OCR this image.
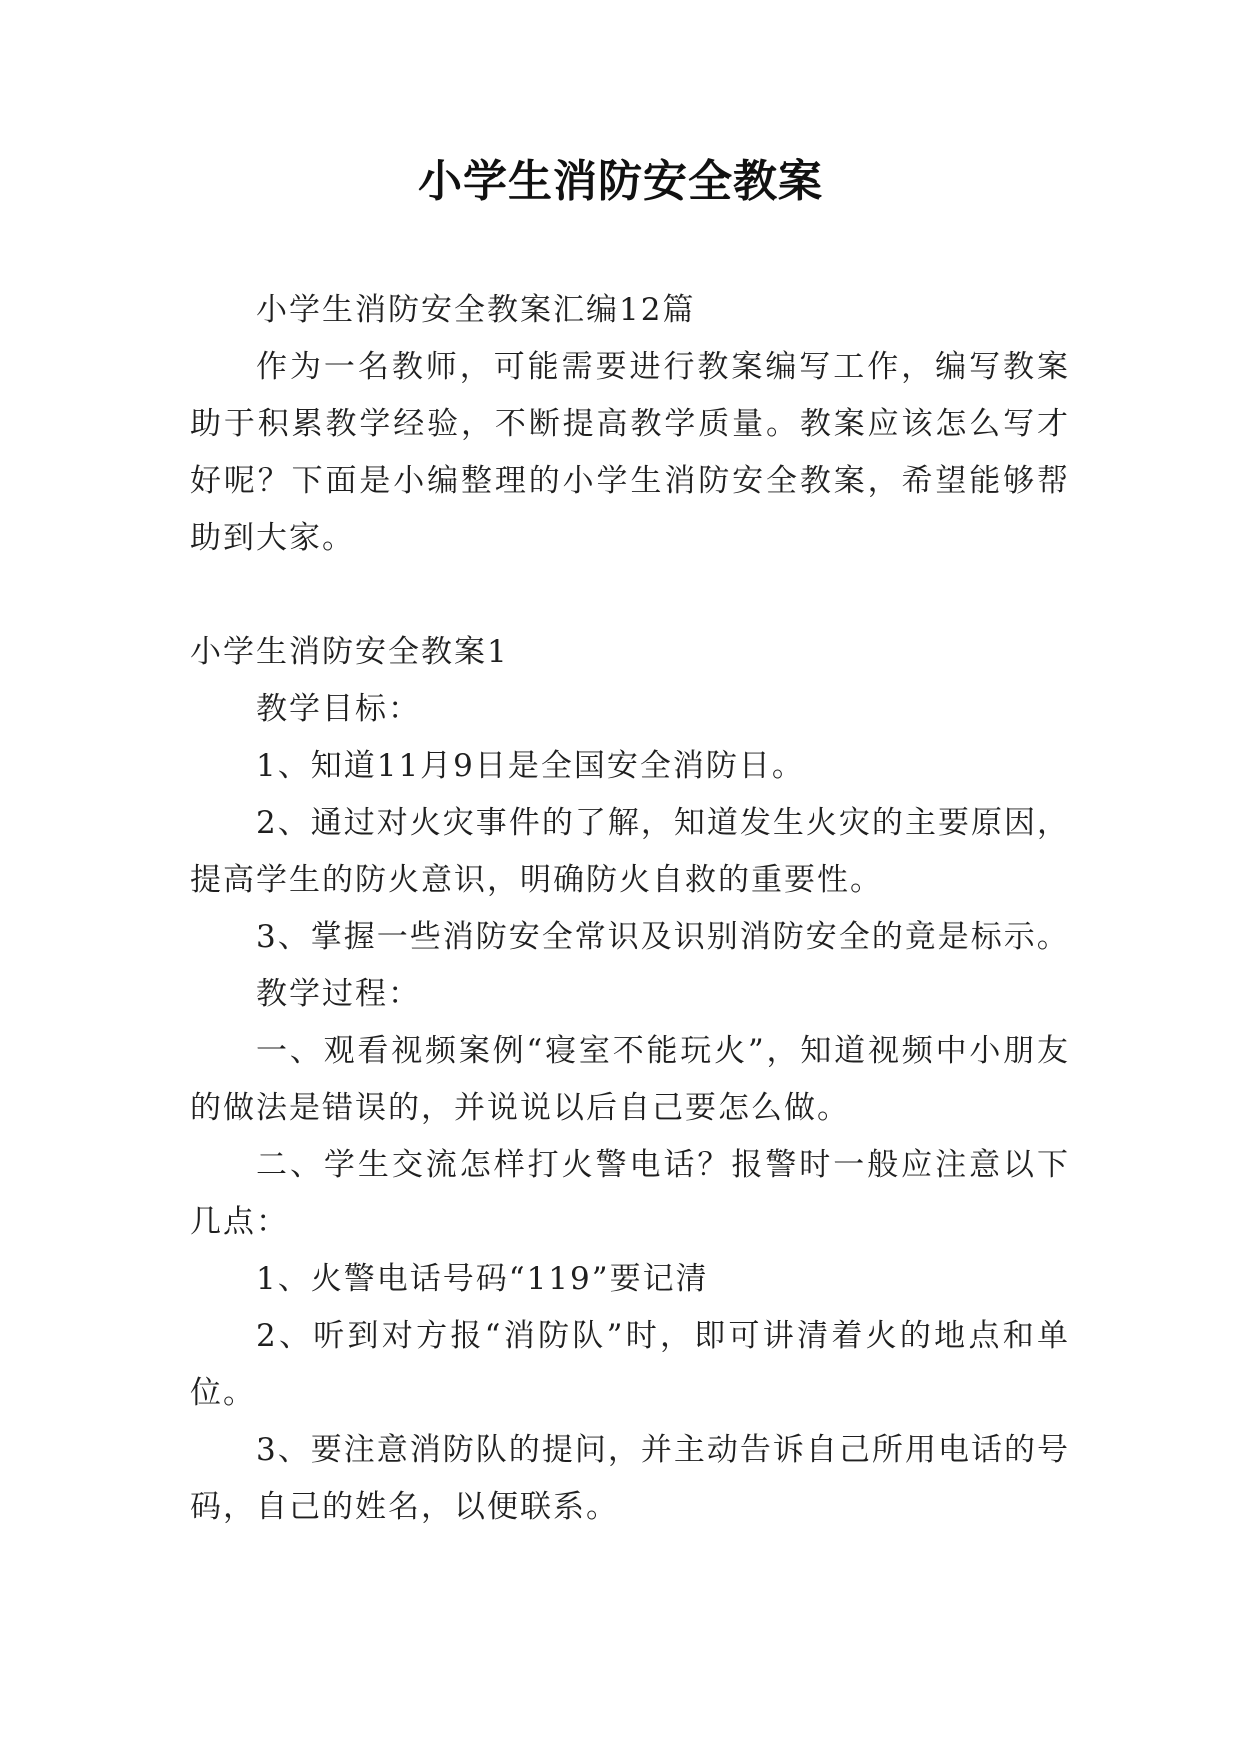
小学生消防安全教案

小学生消防安全教案汇编12篇

作为一名教师，可能需要进行教案编写工作，编写教案助于积累教学经验，不断提高教学质量。教案应该怎么写才好呢？下面是小编整理的小学生消防安全教案，希望能够帮助到大家。

小学生消防安全教案1

教学目标：

1、知道11月9日是全国安全消防日。

2、通过对火灾事件的了解，知道发生火灾的主要原因，提高学生的防火意识，明确防火自救的重要性。

3、掌握一些消防安全常识及识别消防安全的竟是标示。

教学过程：

一、观看视频案例“寝室不能玩火”，知道视频中小朋友的做法是错误的，并说说以后自己要怎么做。

二、学生交流怎样打火警电话？报警时一般应注意以下几点：

1、火警电话号码“119”要记清

2、听到对方报“消防队”时，即可讲清着火的地点和单位。

3、要注意消防队的提问，并主动告诉自己所用电话的号码，自己的姓名，以便联系。
